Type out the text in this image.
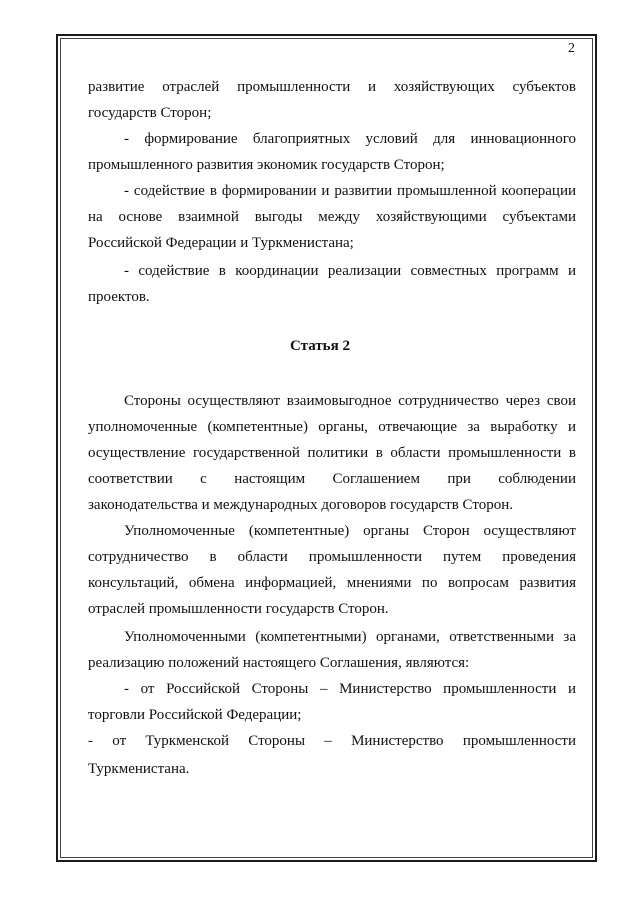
2
развитие отраслей промышленности и хозяйствующих субъектов
государств Сторон;
- формирование благоприятных условий для инновационного
промышленного развития экономик государств Сторон;
- содействие в формировании и развитии промышленной кооперации
на основе взаимной выгоды между хозяйствующими субъектами
Российской Федерации и Туркменистана;
- содействие в координации реализации совместных программ и
проектов.
Статья 2
Стороны осуществляют взаимовыгодное сотрудничество через свои
уполномоченные (компетентные) органы, отвечающие за выработку и
осуществление государственной политики в области промышленности в
соответствии с настоящим Соглашением при соблюдении
законодательства и международных договоров государств Сторон.
Уполномоченные (компетентные) органы Сторон осуществляют
сотрудничество в области промышленности путем проведения
консультаций, обмена информацией, мнениями по вопросам развития
отраслей промышленности государств Сторон.
Уполномоченными (компетентными) органами, ответственными за
реализацию положений настоящего Соглашения, являются:
- от Российской Стороны – Министерство промышленности и
торговли Российской Федерации;
- от Туркменской Стороны – Министерство промышленности
Туркменистана.
